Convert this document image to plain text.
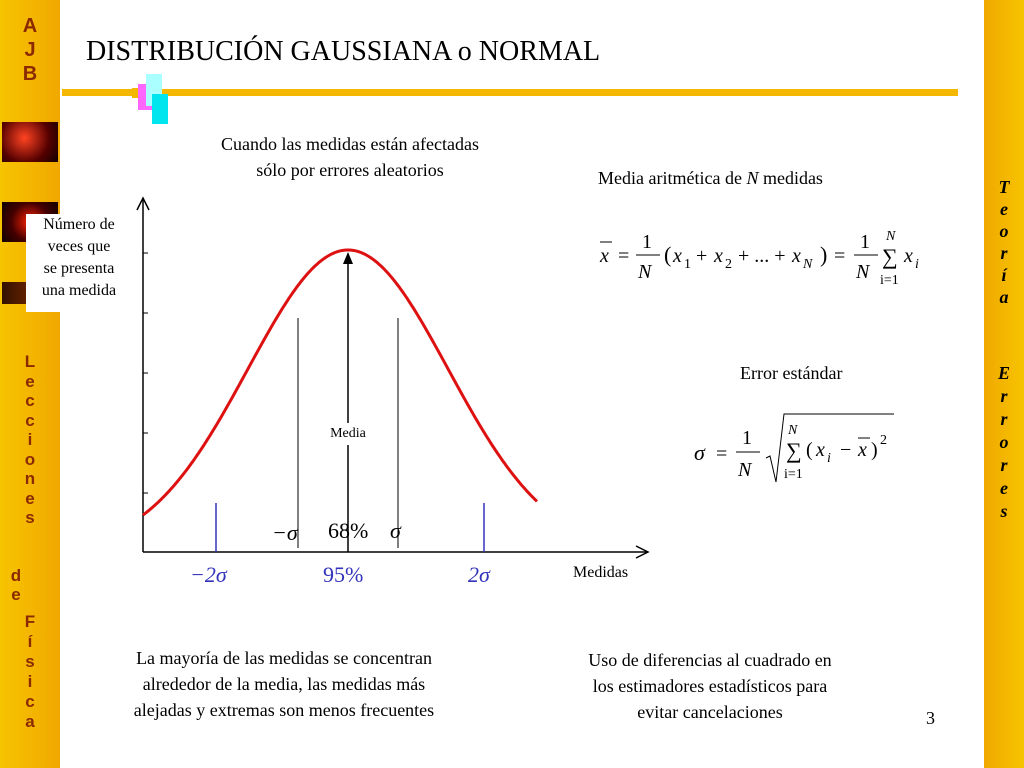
A
J
B
L
e
c
c
i
o
n
e
s
d
e
F
í
s
i
c
a
T
e
o
r
í
a
E
r
r
o
r
e
s
DISTRIBUCIÓN GAUSSIANA o NORMAL
Cuando las medidas están afectadas
sólo por errores aleatorios
Media
−σ 68% σ
−2σ	95%	2σ	Medidas
Número de
veces que
se presenta
una medida
Media aritmética de N medidas
x =
1
N
( x 1 + x 2 + ... + x N ) =
1
N
N
∑
i=1
x i
Error estándar
σ =
1
N
N
∑
i=1
( x i − x ) 2
La mayoría de las medidas se concentran
alrededor de la media, las medidas más
alejadas y extremas son menos frecuentes
Uso de diferencias al cuadrado en
los estimadores estadísticos para
evitar cancelaciones	3
